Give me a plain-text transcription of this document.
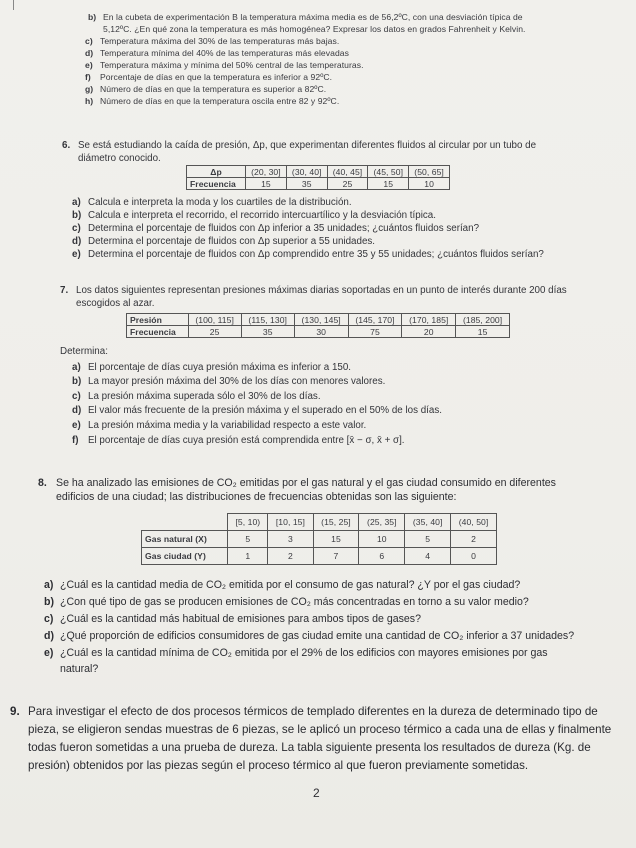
b) En la cubeta de experimentación B la temperatura máxima media es de 56,2ºC, con una desviación típica de
5,12ºC. ¿En qué zona la temperatura es más homogénea? Expresar los datos en grados Fahrenheit y Kelvin.
c) Temperatura máxima del 30% de las temperaturas más bajas.
d) Temperatura mínima del 40% de las temperaturas más elevadas
e) Temperatura máxima y mínima del 50% central de las temperaturas.
f) Porcentaje de días en que la temperatura es inferior a 92ºC.
g) Número de días en que la temperatura es superior a 82ºC.
h) Número de días en que la temperatura oscila entre 82 y 92ºC.
6. Se está estudiando la caída de presión, Δp, que experimentan diferentes fluidos al circular por un tubo de
diámetro conocido.
Δp	(20, 30]	(30, 40]	(40, 45]	(45, 50]	(50, 65]
Frecuencia	15	35	25	15	10
a) Calcula e interpreta la moda y los cuartiles de la distribución.
b) Calcula e interpreta el recorrido, el recorrido intercuartílico y la desviación típica.
c) Determina el porcentaje de fluidos con Δp inferior a 35 unidades; ¿cuántos fluidos serían?
d) Determina el porcentaje de fluidos con Δp superior a 55 unidades.
e) Determina el porcentaje de fluidos con Δp comprendido entre 35 y 55 unidades; ¿cuántos fluidos serían?
7. Los datos siguientes representan presiones máximas diarias soportadas en un punto de interés durante 200 días
escogidos al azar.
Presión	(100, 115]	(115, 130]	(130, 145]	(145, 170]	(170, 185]	(185, 200]
Frecuencia	25	35	30	75	20	15
Determina:
a) El porcentaje de días cuya presión máxima es inferior a 150.
b) La mayor presión máxima del 30% de los días con menores valores.
c) La presión máxima superada sólo el 30% de los días.
d) El valor más frecuente de la presión máxima y el superado en el 50% de los días.
e) La presión máxima media y la variabilidad respecto a este valor.
f) El porcentaje de días cuya presión está comprendida entre [x̄ − σ, x̄ + σ].
8. Se ha analizado las emisiones de CO₂ emitidas por el gas natural y el gas ciudad consumido en diferentes
edificios de una ciudad; las distribuciones de frecuencias obtenidas son las siguiente:
	[5, 10)	[10, 15]	(15, 25]	(25, 35]	(35, 40]	(40, 50]
Gas natural (X)	5	3	15	10	5	2
Gas ciudad (Y)	1	2	7	6	4	0
a) ¿Cuál es la cantidad media de CO₂ emitida por el consumo de gas natural? ¿Y por el gas ciudad?
b) ¿Con qué tipo de gas se producen emisiones de CO₂ más concentradas en torno a su valor medio?
c) ¿Cuál es la cantidad más habitual de emisiones para ambos tipos de gases?
d) ¿Qué proporción de edificios consumidores de gas ciudad emite una cantidad de CO₂ inferior a 37 unidades?
e) ¿Cuál es la cantidad mínima de CO₂ emitida por el 29% de los edificios con mayores emisiones por gas
natural?
9. Para investigar el efecto de dos procesos térmicos de templado diferentes en la dureza de determinado tipo de
pieza, se eligieron sendas muestras de 6 piezas, se le aplicó un proceso térmico a cada una de ellas y finalmente
todas fueron sometidas a una prueba de dureza. La tabla siguiente presenta los resultados de dureza (Kg. de
presión) obtenidos por las piezas según el proceso térmico al que fueron previamente sometidas.
2
